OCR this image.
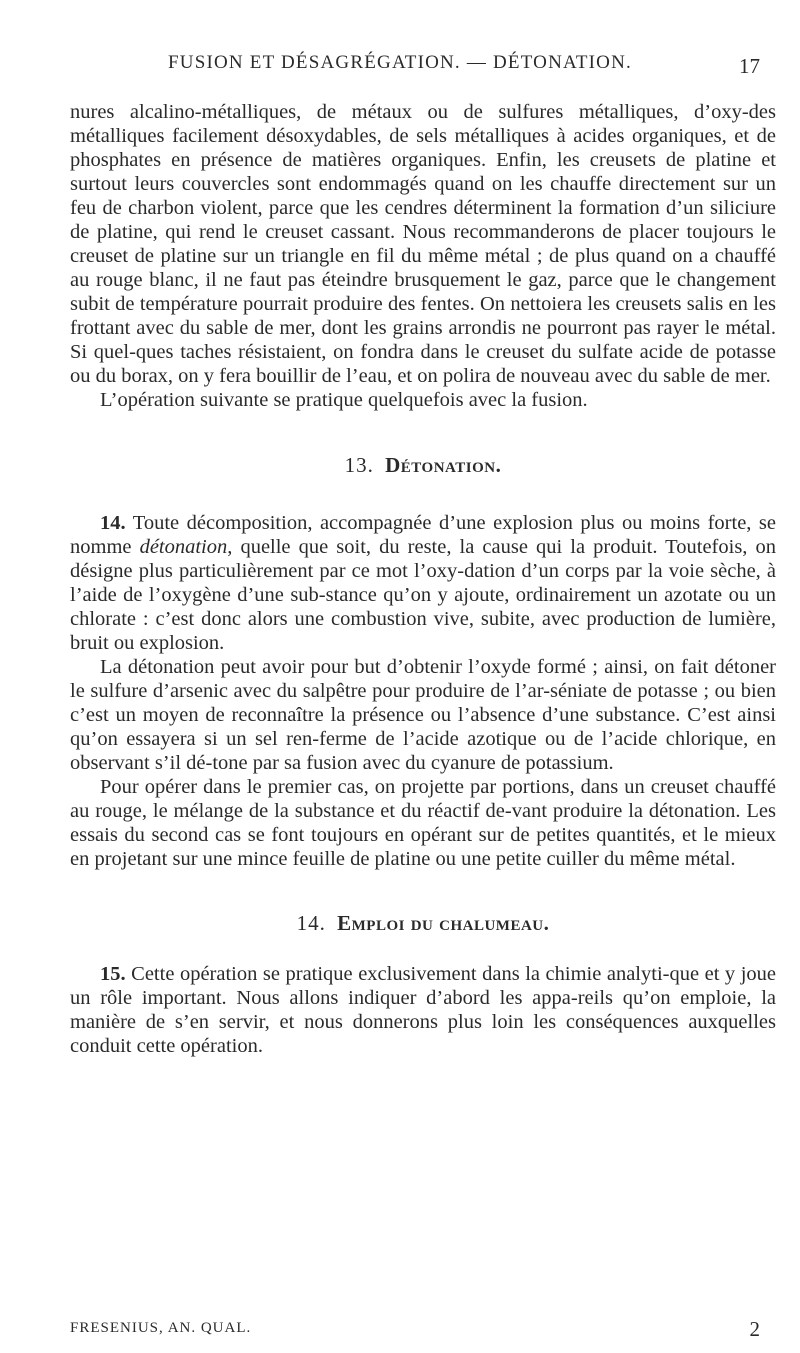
FUSION ET DÉSAGRÉGATION. — DÉTONATION.	17

nures alcalino-métalliques, de métaux ou de sulfures métalliques, d’oxy-des métalliques facilement désoxydables, de sels métalliques à acides organiques, et de phosphates en présence de matières organiques. Enfin, les creusets de platine et surtout leurs couvercles sont endommagés quand on les chauffe directement sur un feu de charbon violent, parce que les cendres déterminent la formation d’un siliciure de platine, qui rend le creuset cassant. Nous recommanderons de placer toujours le creuset de platine sur un triangle en fil du même métal ; de plus quand on a chauffé au rouge blanc, il ne faut pas éteindre brusquement le gaz, parce que le changement subit de température pourrait produire des fentes. On nettoiera les creusets salis en les frottant avec du sable de mer, dont les grains arrondis ne pourront pas rayer le métal. Si quel-ques taches résistaient, on fondra dans le creuset du sulfate acide de potasse ou du borax, on y fera bouillir de l’eau, et on polira de nouveau avec du sable de mer.

L’opération suivante se pratique quelquefois avec la fusion.

13. Détonation.

14. Toute décomposition, accompagnée d’une explosion plus ou moins forte, se nomme détonation, quelle que soit, du reste, la cause qui la produit. Toutefois, on désigne plus particulièrement par ce mot l’oxy-dation d’un corps par la voie sèche, à l’aide de l’oxygène d’une sub-stance qu’on y ajoute, ordinairement un azotate ou un chlorate : c’est donc alors une combustion vive, subite, avec production de lumière, bruit ou explosion.

La détonation peut avoir pour but d’obtenir l’oxyde formé ; ainsi, on fait détoner le sulfure d’arsenic avec du salpêtre pour produire de l’ar-séniate de potasse ; ou bien c’est un moyen de reconnaître la présence ou l’absence d’une substance. C’est ainsi qu’on essayera si un sel ren-ferme de l’acide azotique ou de l’acide chlorique, en observant s’il dé-tone par sa fusion avec du cyanure de potassium.

Pour opérer dans le premier cas, on projette par portions, dans un creuset chauffé au rouge, le mélange de la substance et du réactif de-vant produire la détonation. Les essais du second cas se font toujours en opérant sur de petites quantités, et le mieux en projetant sur une mince feuille de platine ou une petite cuiller du même métal.

14. Emploi du chalumeau.

15. Cette opération se pratique exclusivement dans la chimie analyti-que et y joue un rôle important. Nous allons indiquer d’abord les appa-reils qu’on emploie, la manière de s’en servir, et nous donnerons plus loin les conséquences auxquelles conduit cette opération.

FRESENIUS, AN. QUAL.	2
